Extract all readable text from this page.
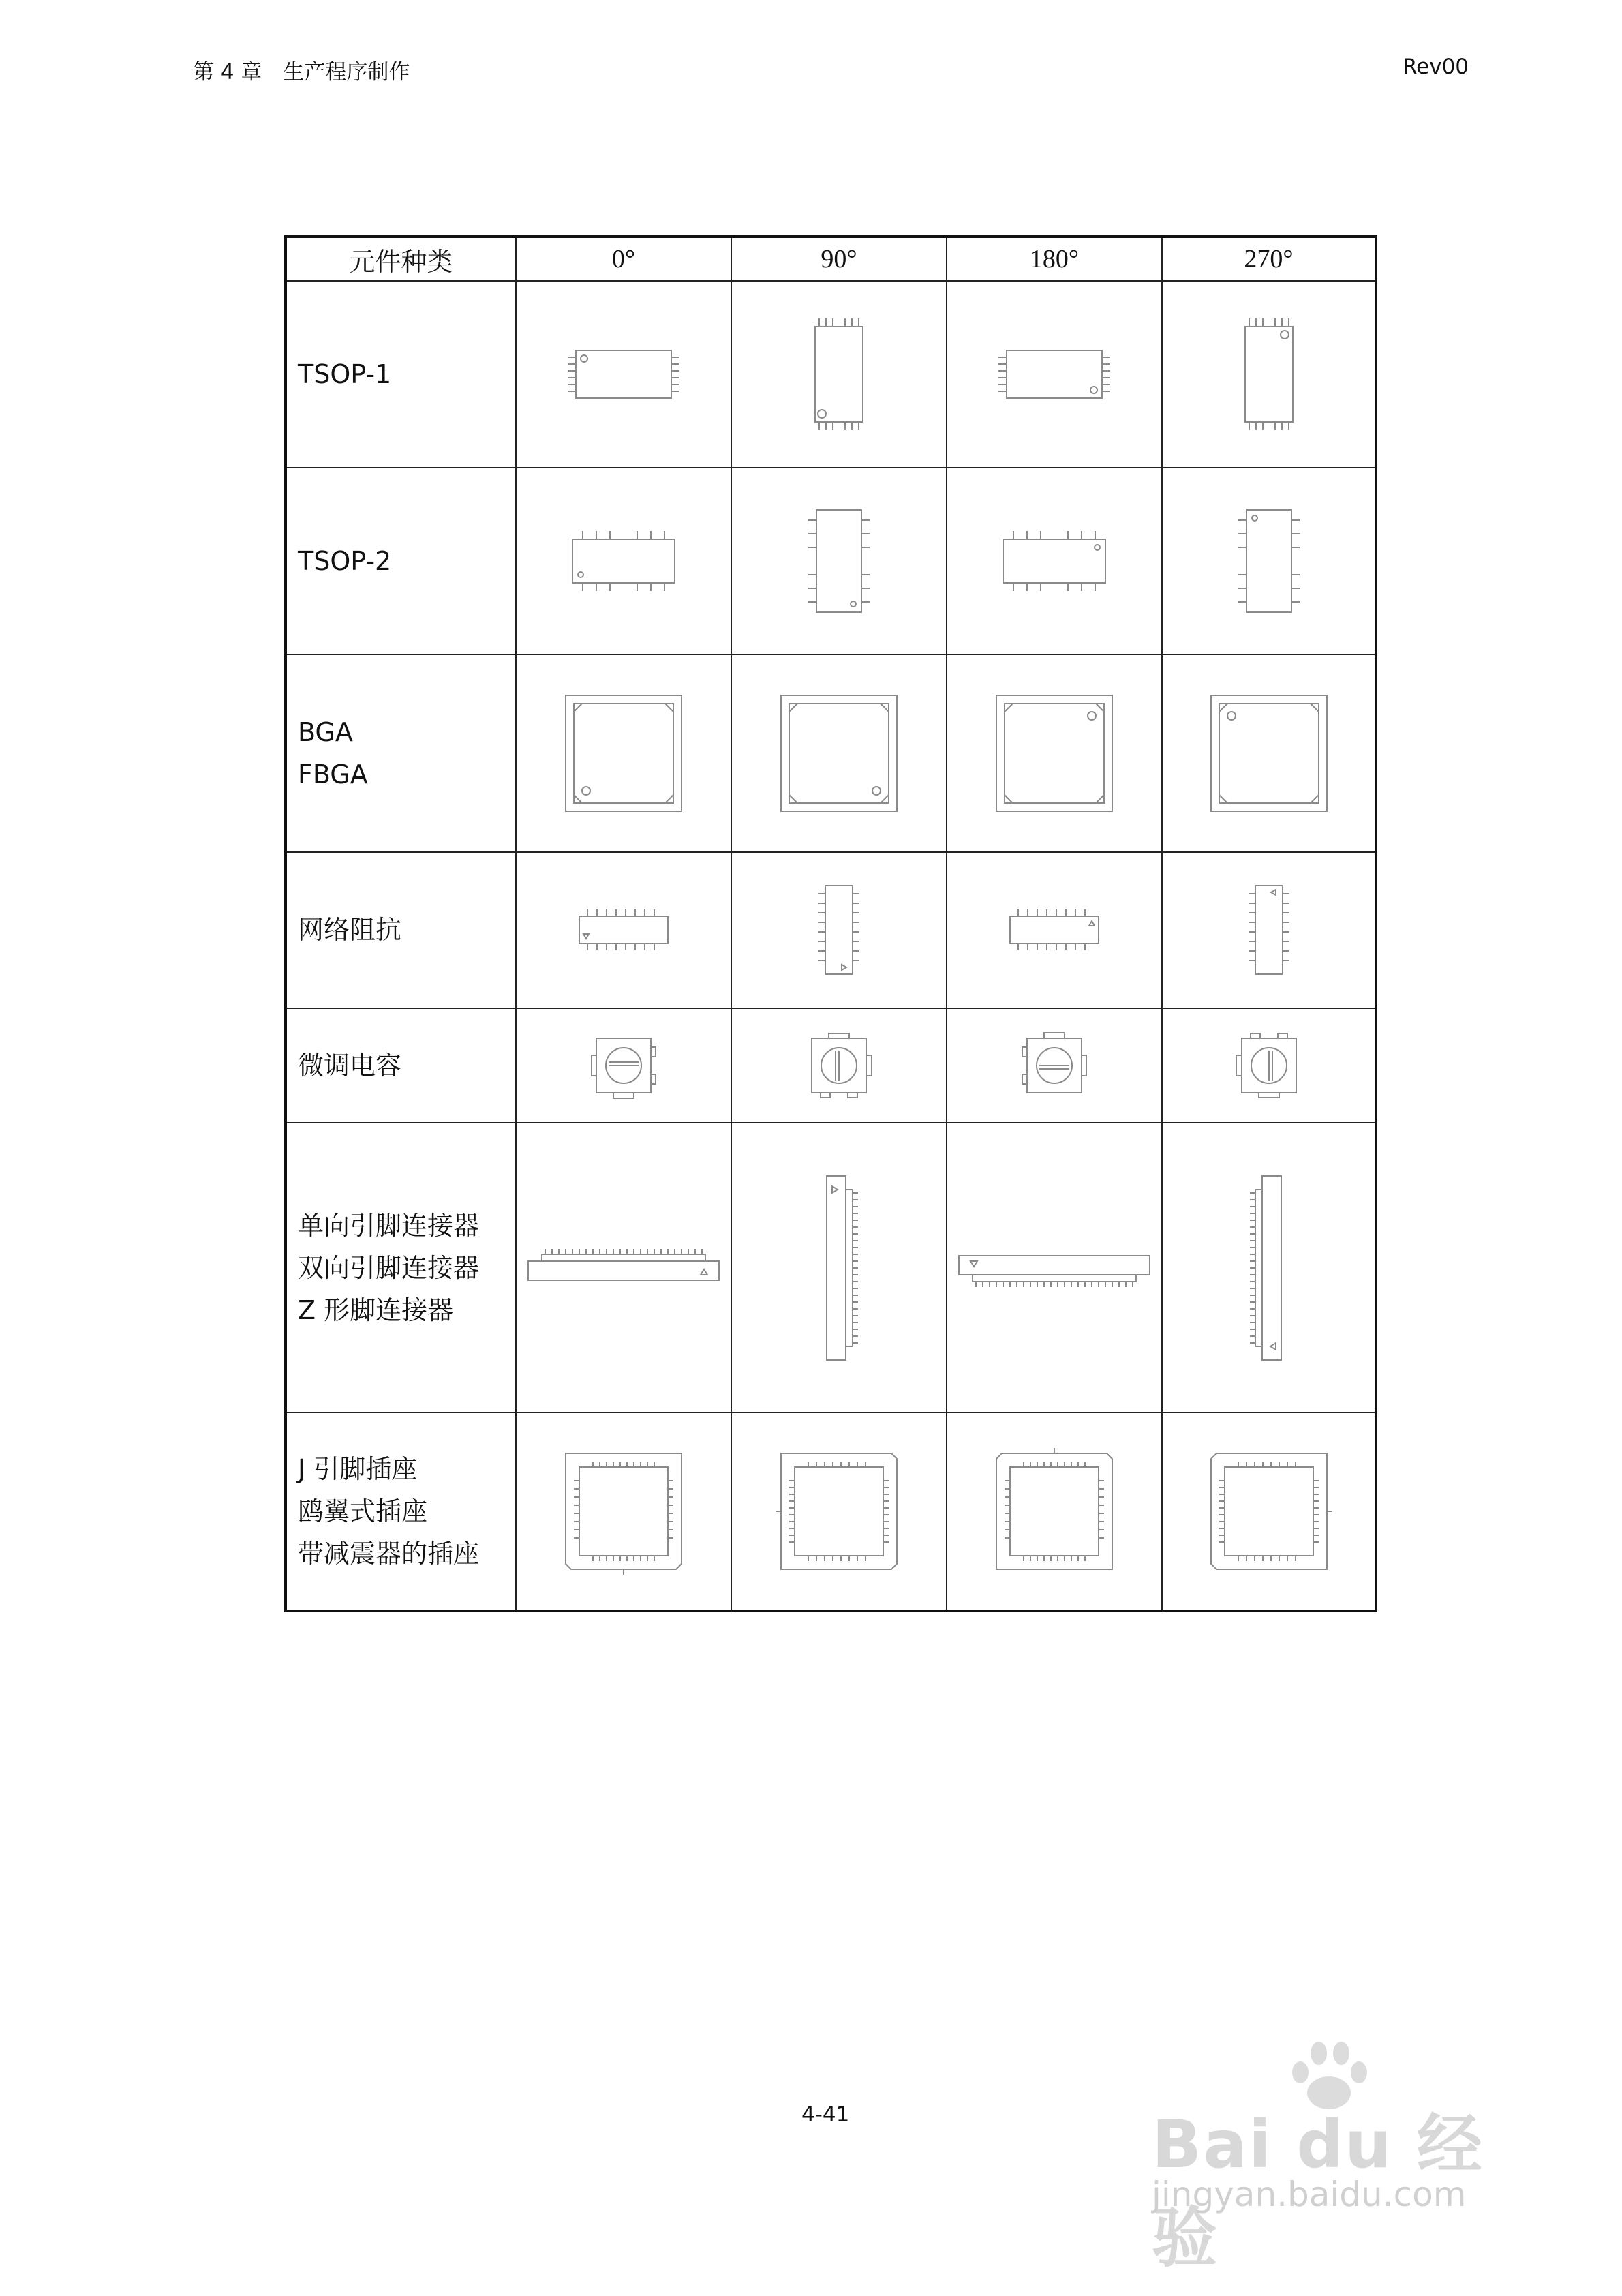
第 4 章　生产程序制作	Rev00
元件种类	0°	90°	180°	270°

TSOP-1

TSOP-2

BGA
FBGA

网络阻抗

微调电容

单向引脚连接器
双向引脚连接器
Z 形脚连接器

J 引脚插座
鸥翼式插座
带减震器的插座

4-41	Bai du 经验
jingyan.baidu.com
